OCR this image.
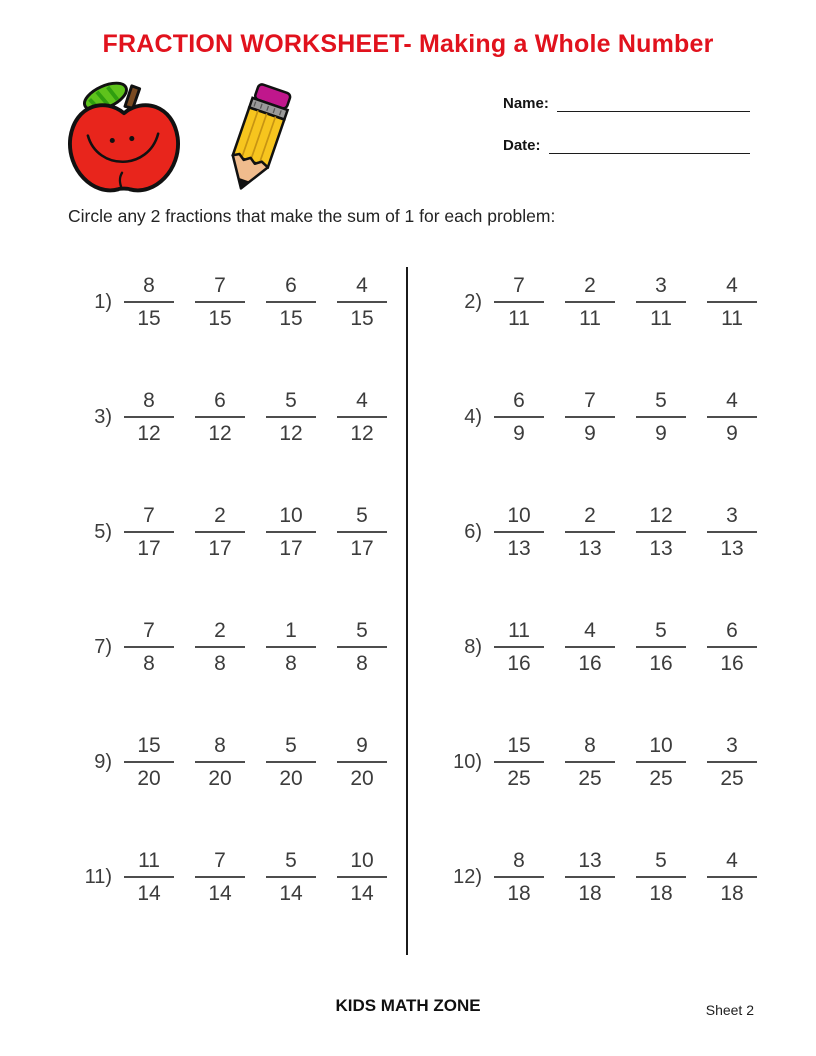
FRACTION WORKSHEET- Making a Whole Number
Name:
Date:

Circle any 2 fractions that make the sum of 1 for each problem:

$1) \frac{8}{15} \frac{7}{15} \frac{6}{15} \frac{4}{15}$	$2) \frac{7}{11} \frac{2}{11} \frac{3}{11} \frac{4}{11}$
$3) \frac{8}{12} \frac{6}{12} \frac{5}{12} \frac{4}{12}$	$4) \frac{6}{9} \frac{7}{9} \frac{5}{9} \frac{4}{9}$
$5) \frac{7}{17} \frac{2}{17} \frac{10}{17} \frac{5}{17}$	$6) \frac{10}{13} \frac{2}{13} \frac{12}{13} \frac{3}{13}$
$7) \frac{7}{8} \frac{2}{8} \frac{1}{8} \frac{5}{8}$	$8) \frac{11}{16} \frac{4}{16} \frac{5}{16} \frac{6}{16}$
$9) \frac{15}{20} \frac{8}{20} \frac{5}{20} \frac{9}{20}$	$10) \frac{15}{25} \frac{8}{25} \frac{10}{25} \frac{3}{25}$
$11) \frac{11}{14} \frac{7}{14} \frac{5}{14} \frac{10}{14}$	$12) \frac{8}{18} \frac{13}{18} \frac{5}{18} \frac{4}{18}$
KIDS MATH ZONE	Sheet 2
